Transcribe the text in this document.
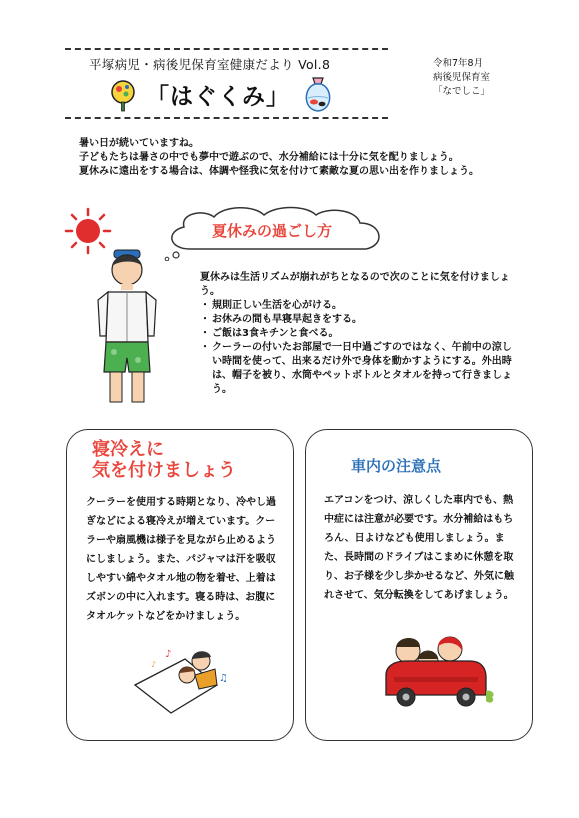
平塚病児・病後児保育室健康だより Vol.8
「はぐくみ」
令和7年8月
病後児保育室
「なでしこ」
暑い日が続いていますね。
子どもたちは暑さの中でも夢中で遊ぶので、水分補給には十分に気を配りましょう。
夏休みに遠出をする場合は、体調や怪我に気を付けて素敵な夏の思い出を作りましょう。
夏休みの過ごし方
夏休みは生活リズムが崩れがちとなるので次のことに気を付けましょう。
・ 規則正しい生活を心がける。
・ お休みの間も早寝早起きをする。
・ ご飯は3食キチンと食べる。
・ クーラーの付いたお部屋で一日中過ごすのではなく、午前中の涼しい時間を使って、出来るだけ外で身体を動かすようにする。外出時は、帽子を被り、水筒やペットボトルとタオルを持って行きましょう。
寝冷えに
気を付けましょう
クーラーを使用する時期となり、冷やし過ぎなどによる寝冷えが増えています。クーラーや扇風機は様子を見ながら止めるようにしましょう。また、パジャマは汗を吸収しやすい綿やタオル地の物を着せ、上着はズボンの中に入れます。寝る時は、お腹にタオルケットなどをかけましょう。
♪
♫
♪
車内の注意点
エアコンをつけ、涼しくした車内でも、熱中症には注意が必要です。水分補給はもちろん、日よけなども使用しましょう。また、長時間のドライブはこまめに休憩を取り、お子様を少し歩かせるなど、外気に触れさせて、気分転換をしてあげましょう。
